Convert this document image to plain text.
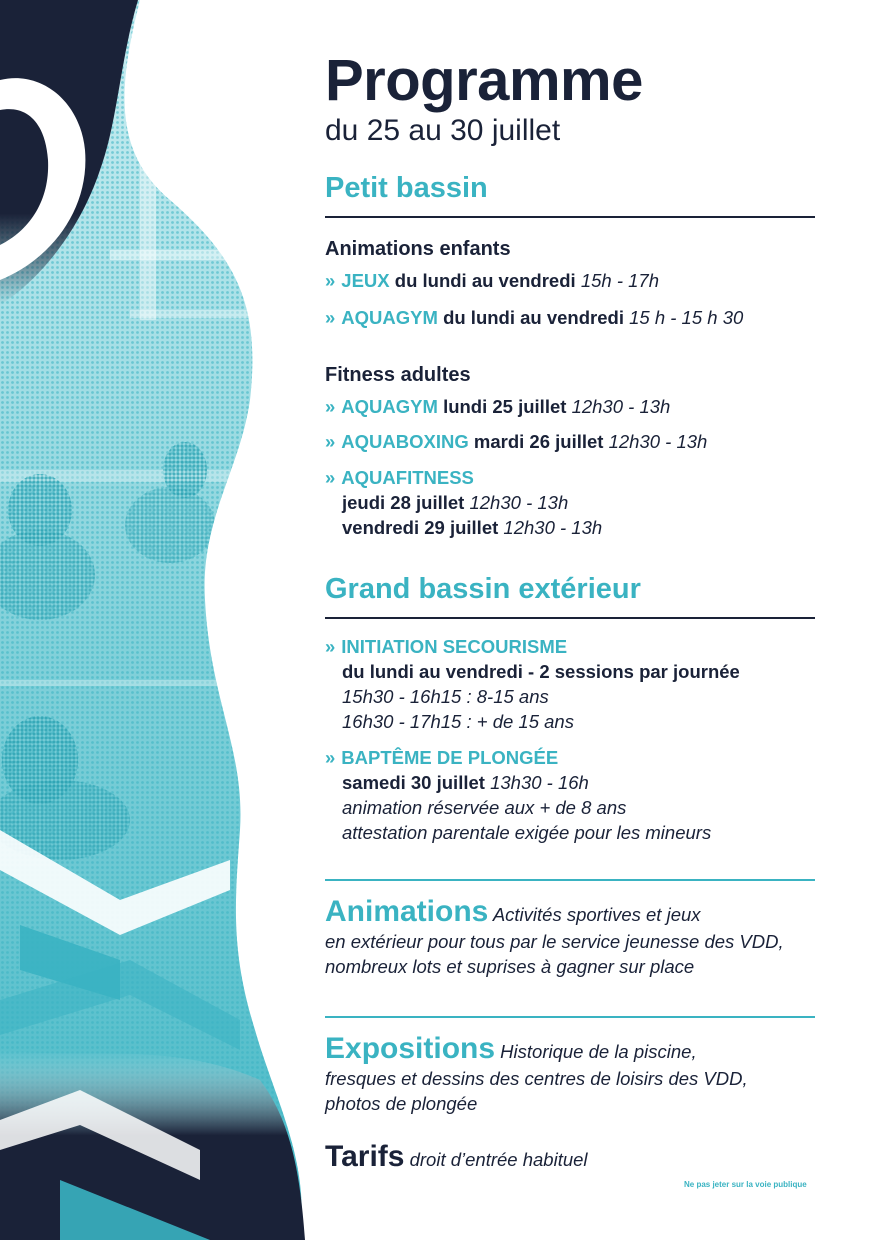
Programme
du 25 au 30 juillet
Petit bassin
Animations enfants
» JEUX du lundi au vendredi 15h - 17h
» AQUAGYM du lundi au vendredi 15 h - 15 h 30
Fitness adultes
» AQUAGYM lundi 25 juillet 12h30 - 13h
» AQUABOXING mardi 26 juillet 12h30 - 13h
» AQUAFITNESS
jeudi 28 juillet 12h30 - 13h
vendredi 29 juillet 12h30 - 13h
Grand bassin extérieur
» INITIATION SECOURISME
du lundi au vendredi - 2 sessions par journée
15h30 - 16h15 : 8-15 ans
16h30 - 17h15 : + de 15 ans
» BAPTÊME DE PLONGÉE
samedi 30 juillet 13h30 - 16h
animation réservée aux + de 8 ans
attestation parentale exigée pour les mineurs
Animations Activités sportives et jeux
en extérieur pour tous par le service jeunesse des VDD,
nombreux lots et suprises à gagner sur place
Expositions Historique de la piscine,
fresques et dessins des centres de loisirs des VDD,
photos de plongée
Tarifs droit d’entrée habituel
Ne pas jeter sur la voie publique
